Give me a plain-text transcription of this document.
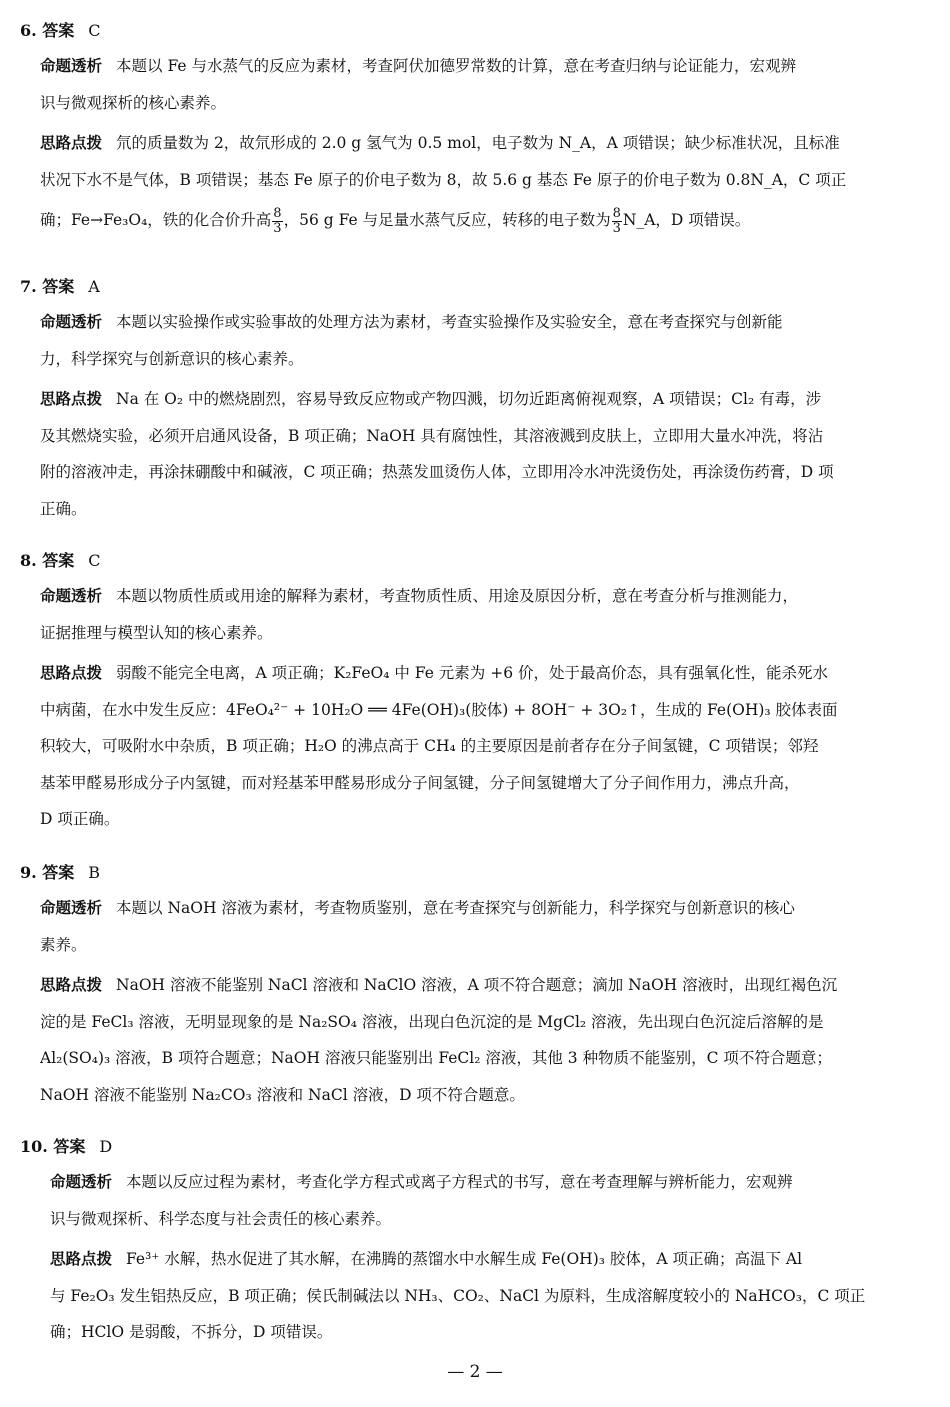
6. 答案 C
命题透析 本题以 Fe 与水蒸气的反应为素材，考查阿伏加德罗常数的计算，意在考查归纳与论证能力，宏观辨
识与微观探析的核心素养。
思路点拨 氘的质量数为 2，故氘形成的 2.0 g 氢气为 0.5 mol，电子数为 N_A，A 项错误；缺少标准状况，且标准
状况下水不是气体，B 项错误；基态 Fe 原子的价电子数为 8，故 5.6 g 基态 Fe 原子的价电子数为 0.8N_A，C 项正
确；Fe→Fe₃O₄，铁的化合价升高 $\frac{8}{3}$ ，56 g Fe 与足量水蒸气反应，转移的电子数为 $\frac{8}{3}$ N_A，D 项错误。
7. 答案 A
命题透析 本题以实验操作或实验事故的处理方法为素材，考查实验操作及实验安全，意在考查探究与创新能
力，科学探究与创新意识的核心素养。
思路点拨 Na 在 O₂ 中的燃烧剧烈，容易导致反应物或产物四溅，切勿近距离俯视观察，A 项错误；Cl₂ 有毒，涉
及其燃烧实验，必须开启通风设备，B 项正确；NaOH 具有腐蚀性，其溶液溅到皮肤上，立即用大量水冲洗，将沾
附的溶液冲走，再涂抹硼酸中和碱液，C 项正确；热蒸发皿烫伤人体，立即用冷水冲洗烫伤处，再涂烫伤药膏，D 项
正确。
8. 答案 C
命题透析 本题以物质性质或用途的解释为素材，考查物质性质、用途及原因分析，意在考查分析与推测能力，
证据推理与模型认知的核心素养。
思路点拨 弱酸不能完全电离，A 项正确；K₂FeO₄ 中 Fe 元素为 +6 价，处于最高价态，具有强氧化性，能杀死水
中病菌，在水中发生反应：4FeO₄²⁻ + 10H₂O ══ 4Fe(OH)₃(胶体) + 8OH⁻ + 3O₂↑，生成的 Fe(OH)₃ 胶体表面
积较大，可吸附水中杂质，B 项正确；H₂O 的沸点高于 CH₄ 的主要原因是前者存在分子间氢键，C 项错误；邻羟
基苯甲醛易形成分子内氢键，而对羟基苯甲醛易形成分子间氢键，分子间氢键增大了分子间作用力，沸点升高，
D 项正确。
9. 答案 B
命题透析 本题以 NaOH 溶液为素材，考查物质鉴别，意在考查探究与创新能力，科学探究与创新意识的核心
素养。
思路点拨 NaOH 溶液不能鉴别 NaCl 溶液和 NaClO 溶液，A 项不符合题意；滴加 NaOH 溶液时，出现红褐色沉
淀的是 FeCl₃ 溶液，无明显现象的是 Na₂SO₄ 溶液，出现白色沉淀的是 MgCl₂ 溶液，先出现白色沉淀后溶解的是
Al₂(SO₄)₃ 溶液，B 项符合题意；NaOH 溶液只能鉴别出 FeCl₂ 溶液，其他 3 种物质不能鉴别，C 项不符合题意；
NaOH 溶液不能鉴别 Na₂CO₃ 溶液和 NaCl 溶液，D 项不符合题意。
10. 答案 D
命题透析 本题以反应过程为素材，考查化学方程式或离子方程式的书写，意在考查理解与辨析能力，宏观辨
识与微观探析、科学态度与社会责任的核心素养。
思路点拨 Fe³⁺ 水解，热水促进了其水解，在沸腾的蒸馏水中水解生成 Fe(OH)₃ 胶体，A 项正确；高温下 Al
与 Fe₂O₃ 发生铝热反应，B 项正确；侯氏制碱法以 NH₃、CO₂、NaCl 为原料，生成溶解度较小的 NaHCO₃，C 项正
确；HClO 是弱酸，不拆分，D 项错误。
— 2 —
